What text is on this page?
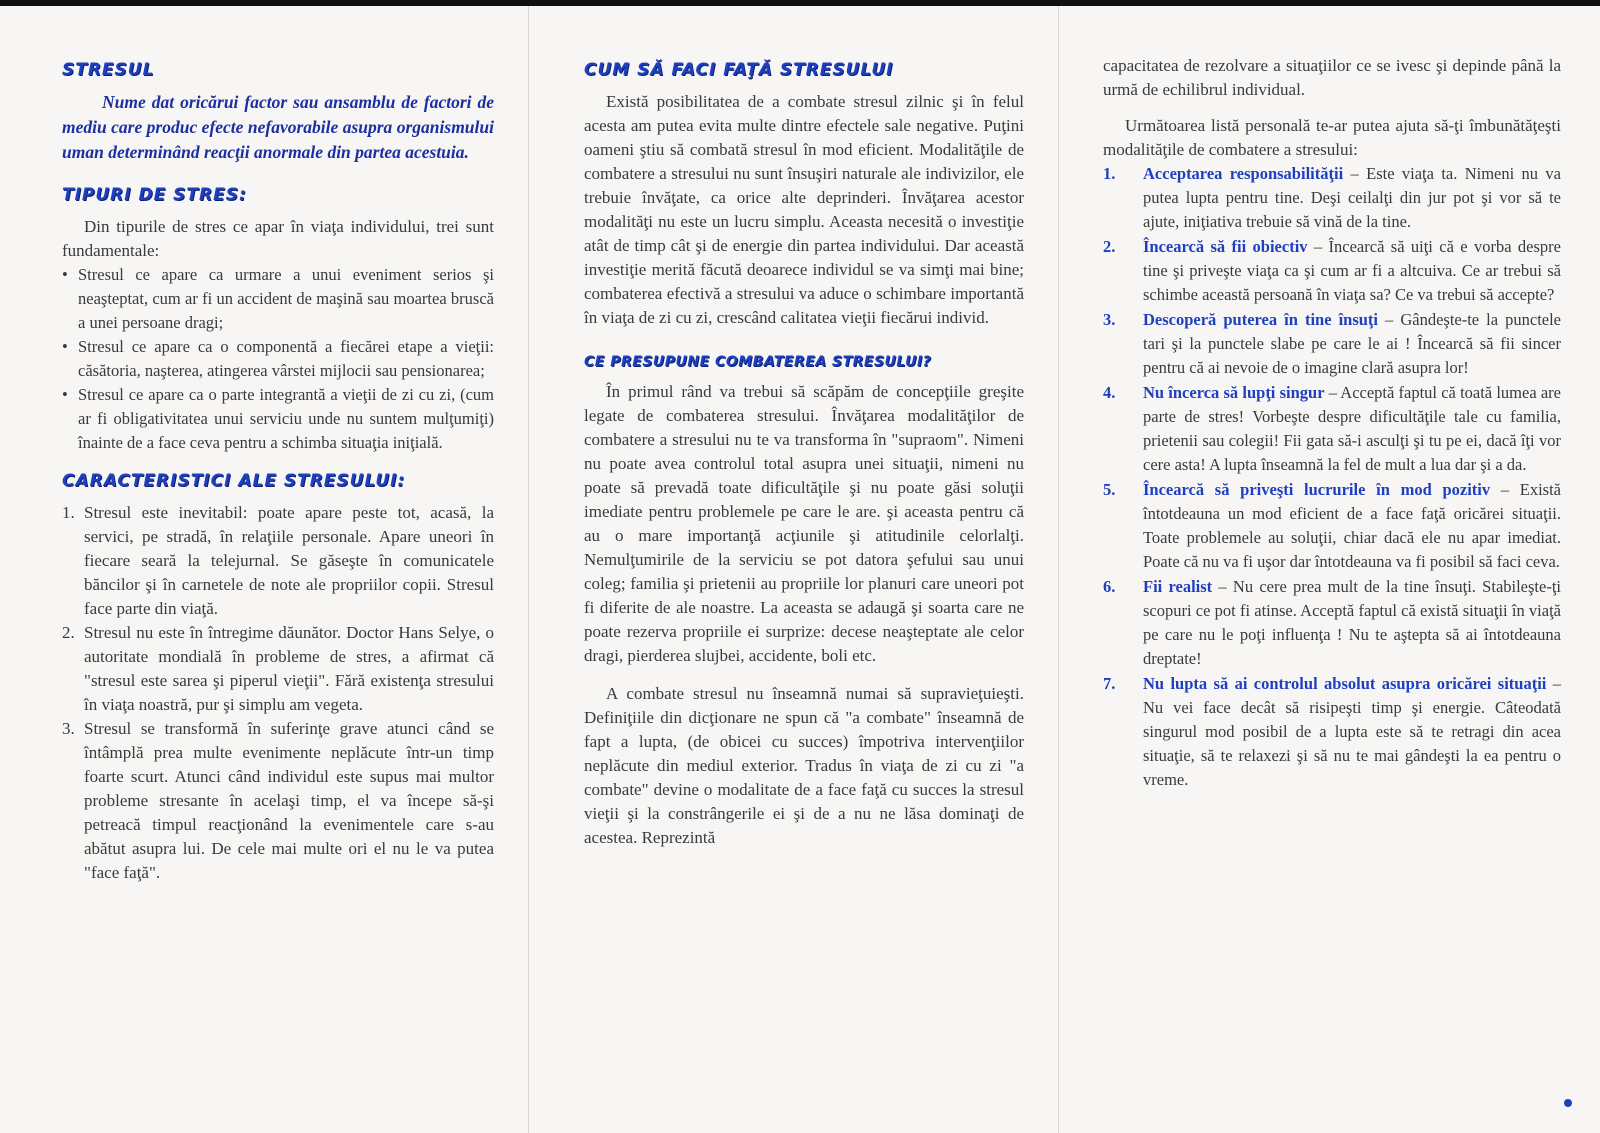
STRESUL

Nume dat oricărui factor sau ansamblu de factori de mediu care produc efecte nefavorabile asupra organismului uman determinând reacţii anormale din partea acestuia.

TIPURI DE STRES:

Din tipurile de stres ce apar în viaţa individului, trei sunt fundamentale:

• Stresul ce apare ca urmare a unui eveniment serios şi neaşteptat, cum ar fi un accident de maşină sau moartea bruscă a unei persoane dragi;
• Stresul ce apare ca o componentă a fiecărei etape a vieţii: căsătoria, naşterea, atingerea vârstei mijlocii sau pensionarea;
• Stresul ce apare ca o parte integrantă a vieţii de zi cu zi, (cum ar fi obligativitatea unui serviciu unde nu suntem mulţumiţi) înainte de a face ceva pentru a schimba situaţia iniţială.
CARACTERISTICI ALE STRESULUI:
1. Stresul este inevitabil: poate apare peste tot, acasă, la servici, pe stradă, în relaţiile personale. Apare uneori în fiecare seară la telejurnal. Se găseşte în comunicatele băncilor şi în carnetele de note ale propriilor copii. Stresul face parte din viaţă.
2. Stresul nu este în întregime dăunător. Doctor Hans Selye, o autoritate mondială în probleme de stres, a afirmat că "stresul este sarea şi piperul vieţii". Fără existenţa stresului în viaţa noastră, pur şi simplu am vegeta.
3. Stresul se transformă în suferinţe grave atunci când se întâmplă prea multe evenimente neplăcute într-un timp foarte scurt. Atunci când individul este supus mai multor probleme stresante în acelaşi timp, el va începe să-şi petreacă timpul reacţionând la evenimentele care s-au abătut asupra lui. De cele mai multe ori el nu le va putea "face faţă".
CUM SĂ FACI FAŢĂ STRESULUI

Există posibilitatea de a combate stresul zilnic şi în felul acesta am putea evita multe dintre efectele sale negative. Puţini oameni ştiu să combată stresul în mod eficient. Modalităţile de combatere a stresului nu sunt însuşiri naturale ale indivizilor, ele trebuie învăţate, ca orice alte deprinderi. Învăţarea acestor modalităţi nu este un lucru simplu. Aceasta necesită o investiţie atât de timp cât şi de energie din partea individului. Dar această investiţie merită făcută deoarece individul se va simţi mai bine; combaterea efectivă a stresului va aduce o schimbare importantă în viaţa de zi cu zi, crescând calitatea vieţii fiecărui individ.

CE PRESUPUNE COMBATEREA STRESULUI?

În primul rând va trebui să scăpăm de concepţiile greşite legate de combaterea stresului. Învăţarea modalităţilor de combatere a stresului nu te va transforma în "supraom". Nimeni nu poate avea controlul total asupra unei situaţii, nimeni nu poate să prevadă toate dificultăţile şi nu poate găsi soluţii imediate pentru problemele pe care le are. şi aceasta pentru că au o mare importanţă acţiunile şi atitudinile celorlalţi. Nemulţumirile de la serviciu se pot datora şefului sau unui coleg; familia şi prietenii au propriile lor planuri care uneori pot fi diferite de ale noastre. La aceasta se adaugă şi soarta care ne poate rezerva propriile ei surprize: decese neaşteptate ale celor dragi, pierderea slujbei, accidente, boli etc.

A combate stresul nu înseamnă numai să supravieţuieşti. Definiţiile din dicţionare ne spun că "a combate" înseamnă de fapt a lupta, (de obicei cu succes) împotriva intervenţiilor neplăcute din mediul exterior. Tradus în viaţa de zi cu zi "a combate" devine o modalitate de a face faţă cu succes la stresul vieţii şi la constrângerile ei şi de a nu ne lăsa dominaţi de acestea. Reprezintă

capacitatea de rezolvare a situaţiilor ce se ivesc şi depinde până la urmă de echilibrul individual.

Următoarea listă personală te-ar putea ajuta să-ţi îmbunătăţeşti modalităţile de combatere a stresului:

1. Acceptarea responsabilităţii – Este viaţa ta. Nimeni nu va putea lupta pentru tine. Deşi ceilalţi din jur pot şi vor să te ajute, iniţiativa trebuie să vină de la tine.
2. Încearcă să fii obiectiv – Încearcă să uiţi că e vorba despre tine şi priveşte viaţa ca şi cum ar fi a altcuiva. Ce ar trebui să schimbe această persoană în viaţa sa? Ce va trebui să accepte?
3. Descoperă puterea în tine însuţi – Gândeşte-te la punctele tari şi la punctele slabe pe care le ai ! Încearcă să fii sincer pentru că ai nevoie de o imagine clară asupra lor!
4. Nu încerca să lupţi singur – Acceptă faptul că toată lumea are parte de stres! Vorbeşte despre dificultăţile tale cu familia, prietenii sau colegii! Fii gata să-i asculţi şi tu pe ei, dacă îţi vor cere asta! A lupta înseamnă la fel de mult a lua dar şi a da.
5. Încearcă să priveşti lucrurile în mod pozitiv – Există întotdeauna un mod eficient de a face faţă oricărei situaţii. Toate problemele au soluţii, chiar dacă ele nu apar imediat. Poate că nu va fi uşor dar întotdeauna va fi posibil să faci ceva.
6. Fii realist – Nu cere prea mult de la tine însuţi. Stabileşte-ţi scopuri ce pot fi atinse. Acceptă faptul că există situaţii în viaţă pe care nu le poţi influenţa ! Nu te aştepta să ai întotdeauna dreptate!
7. Nu lupta să ai controlul absolut asupra oricărei situaţii – Nu vei face decât să risipeşti timp şi energie. Câteodată singurul mod posibil de a lupta este să te retragi din acea situaţie, să te relaxezi şi să nu te mai gândeşti la ea pentru o vreme.
